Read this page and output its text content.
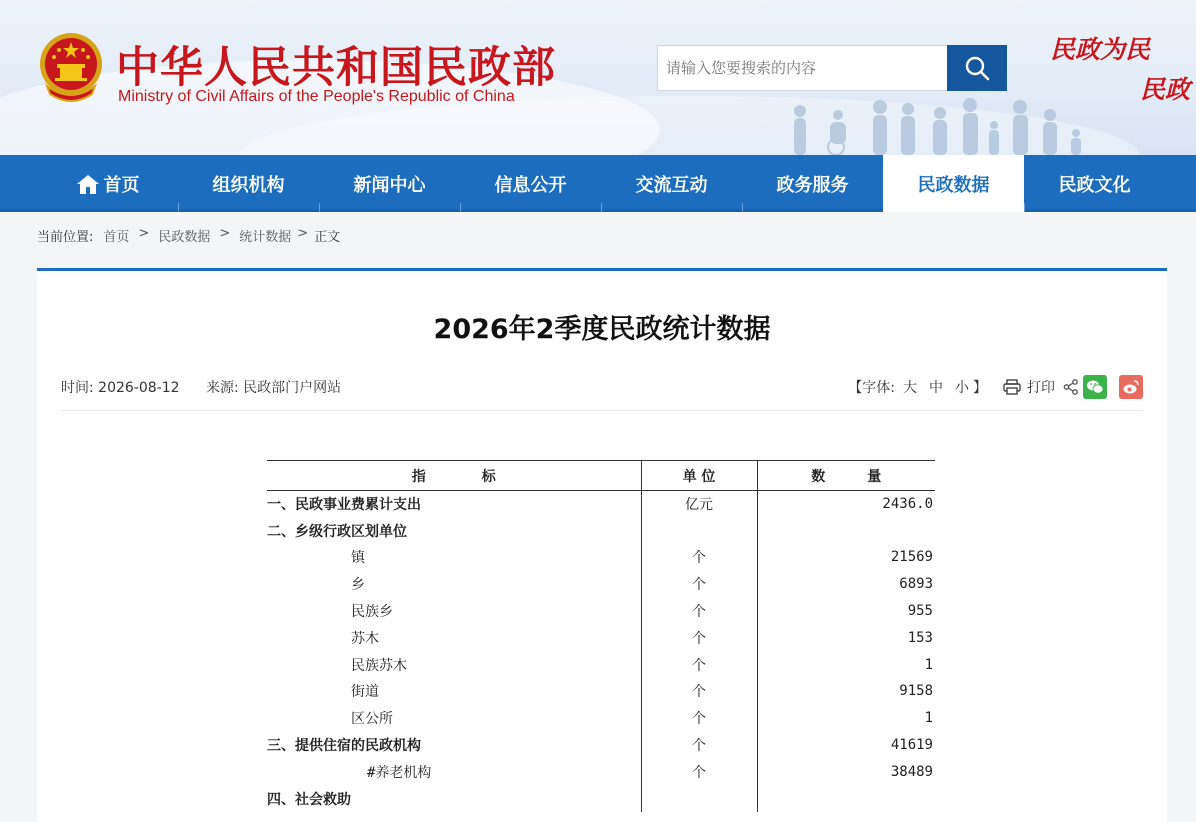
中华人民共和国民政部
Ministry of Civil Affairs of the People's Republic of China
请输入您要搜索的内容
民政为民
民政
首页	组织机构	新闻中心	信息公开	交流互动	政务服务	民政数据	民政文化
当前位置: 首页 > 民政数据 > 统计数据 > 正文
2026年2季度民政统计数据
时间: 2026-08-12 来源: 民政部门户网站	【字体: 大 中 小 】	打印
指　　　　标	单 位	数　　　量
一、民政事业费累计支出	亿元	2436.0
二、乡级行政区划单位		
镇	个	21569
乡	个	6893
民族乡	个	955
苏木	个	153
民族苏木	个	1
街道	个	9158
区公所	个	1
三、提供住宿的民政机构	个	41619
#养老机构	个	38489
四、社会救助		
